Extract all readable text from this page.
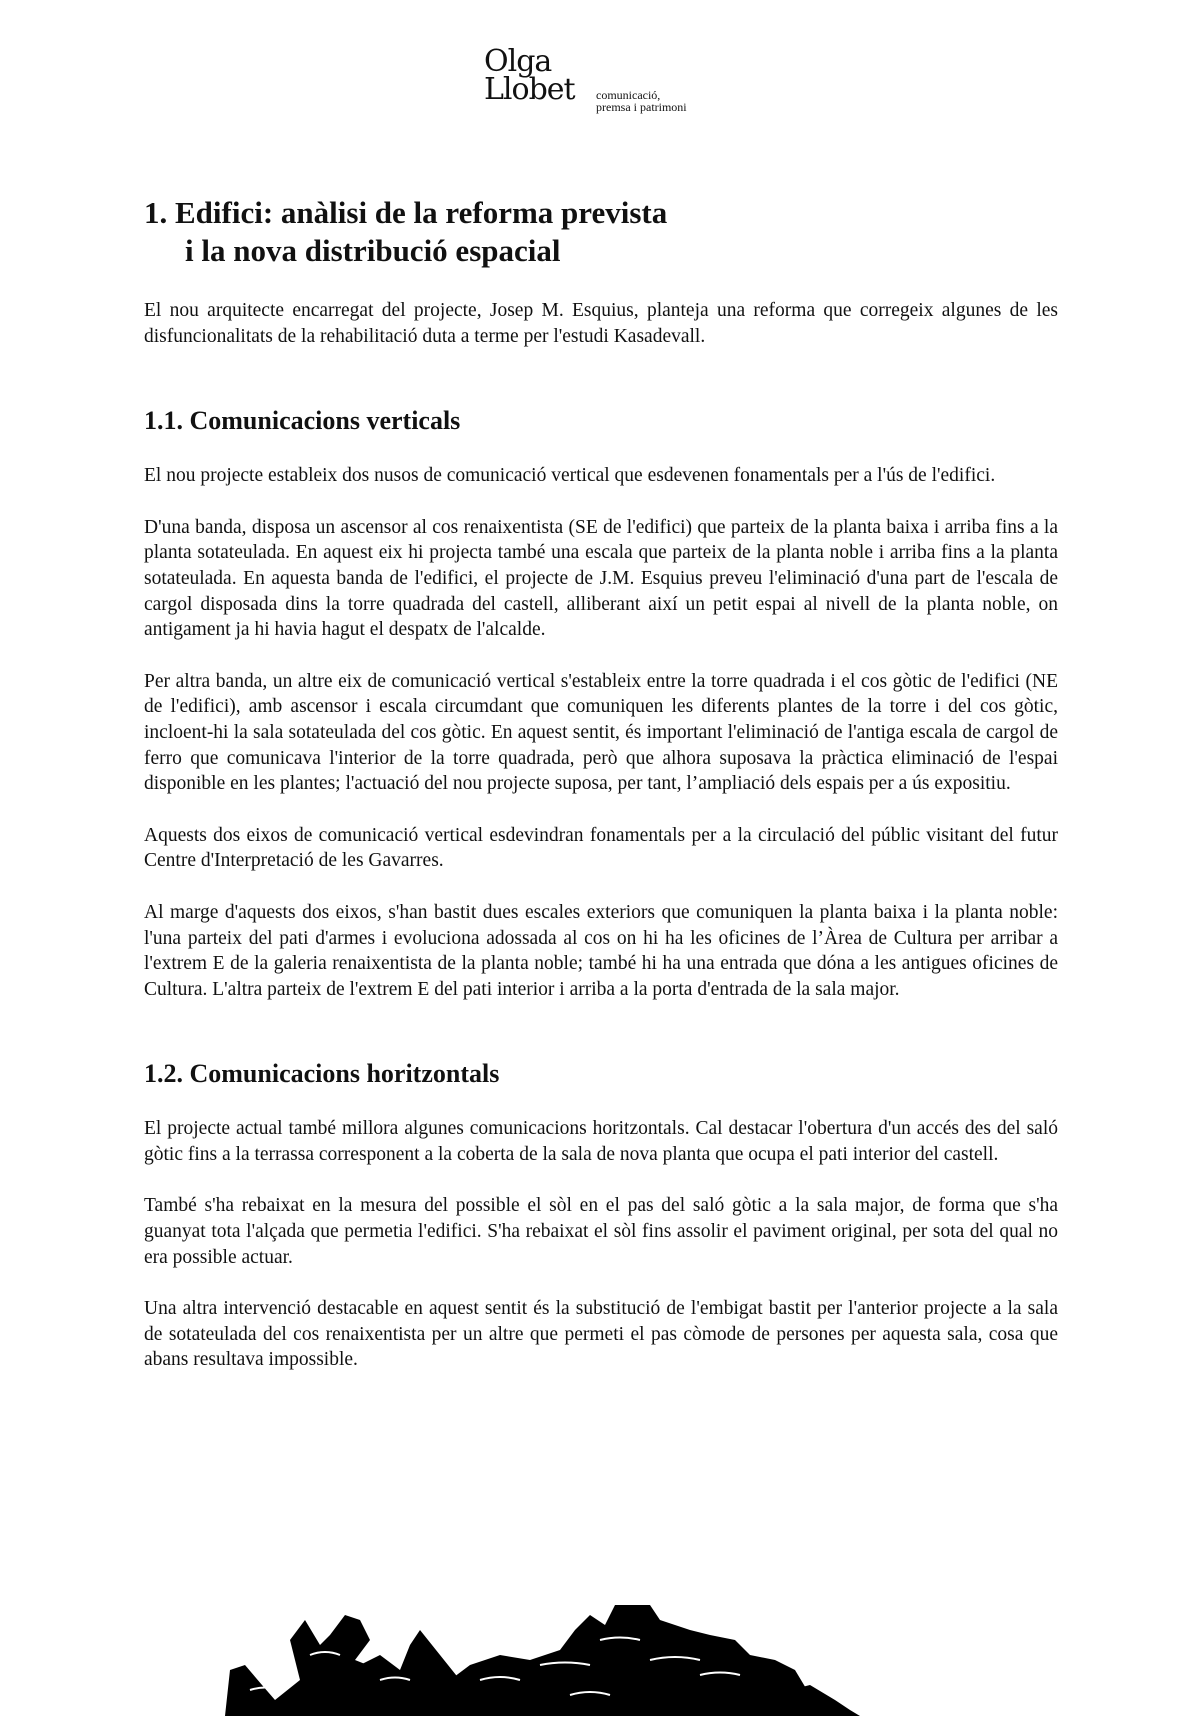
Olga
Llobet comunicació,
premsa i patrimoni
1. Edifici: anàlisi de la reforma prevista
i la nova distribució espacial

El nou arquitecte encarregat del projecte, Josep M. Esquius, planteja una reforma que corregeix algunes de les disfuncionalitats de la rehabilitació duta a terme per l'estudi Kasadevall.

1.1. Comunicacions verticals

El nou projecte estableix dos nusos de comunicació vertical que esdevenen fonamentals per a l'ús de l'edifici.

D'una banda, disposa un ascensor al cos renaixentista (SE de l'edifici) que parteix de la planta baixa i arriba fins a la planta sotateulada. En aquest eix hi projecta també una escala que parteix de la planta noble i arriba fins a la planta sotateulada. En aquesta banda de l'edifici, el projecte de J.M. Esquius preveu l'eliminació d'una part de l'escala de cargol disposada dins la torre quadrada del castell, alliberant així un petit espai al nivell de la planta noble, on antigament ja hi havia hagut el despatx de l'alcalde.

Per altra banda, un altre eix de comunicació vertical s'estableix entre la torre quadrada i el cos gòtic de l'edifici (NE de l'edifici), amb ascensor i escala circumdant que comuniquen les diferents plantes de la torre i del cos gòtic, incloent-hi la sala sotateulada del cos gòtic. En aquest sentit, és important l'eliminació de l'antiga escala de cargol de ferro que comunicava l'interior de la torre quadrada, però que alhora suposava la pràctica eliminació de l'espai disponible en les plantes; l'actuació del nou projecte suposa, per tant, l’ampliació dels espais per a ús expositiu.

Aquests dos eixos de comunicació vertical esdevindran fonamentals per a la circulació del públic visitant del futur Centre d'Interpretació de les Gavarres.

Al marge d'aquests dos eixos, s'han bastit dues escales exteriors que comuniquen la planta baixa i la planta noble: l'una parteix del pati d'armes i evoluciona adossada al cos on hi ha les oficines de l’Àrea de Cultura per arribar a l'extrem E de la galeria renaixentista de la planta noble; també hi ha una entrada que dóna a les antigues oficines de Cultura. L'altra parteix de l'extrem E del pati interior i arriba a la porta d'entrada de la sala major.

1.2. Comunicacions horitzontals

El projecte actual també millora algunes comunicacions horitzontals. Cal destacar l'obertura d'un accés des del saló gòtic fins a la terrassa corresponent a la coberta de la sala de nova planta que ocupa el pati interior del castell.

També s'ha rebaixat en la mesura del possible el sòl en el pas del saló gòtic a la sala major, de forma que s'ha guanyat tota l'alçada que permetia l'edifici. S'ha rebaixat el sòl fins assolir el paviment original, per sota del qual no era possible actuar.

Una altra intervenció destacable en aquest sentit és la substitució de l'embigat bastit per l'anterior projecte a la sala de sotateulada del cos renaixentista per un altre que permeti el pas còmode de persones per aquesta sala, cosa que abans resultava impossible.
